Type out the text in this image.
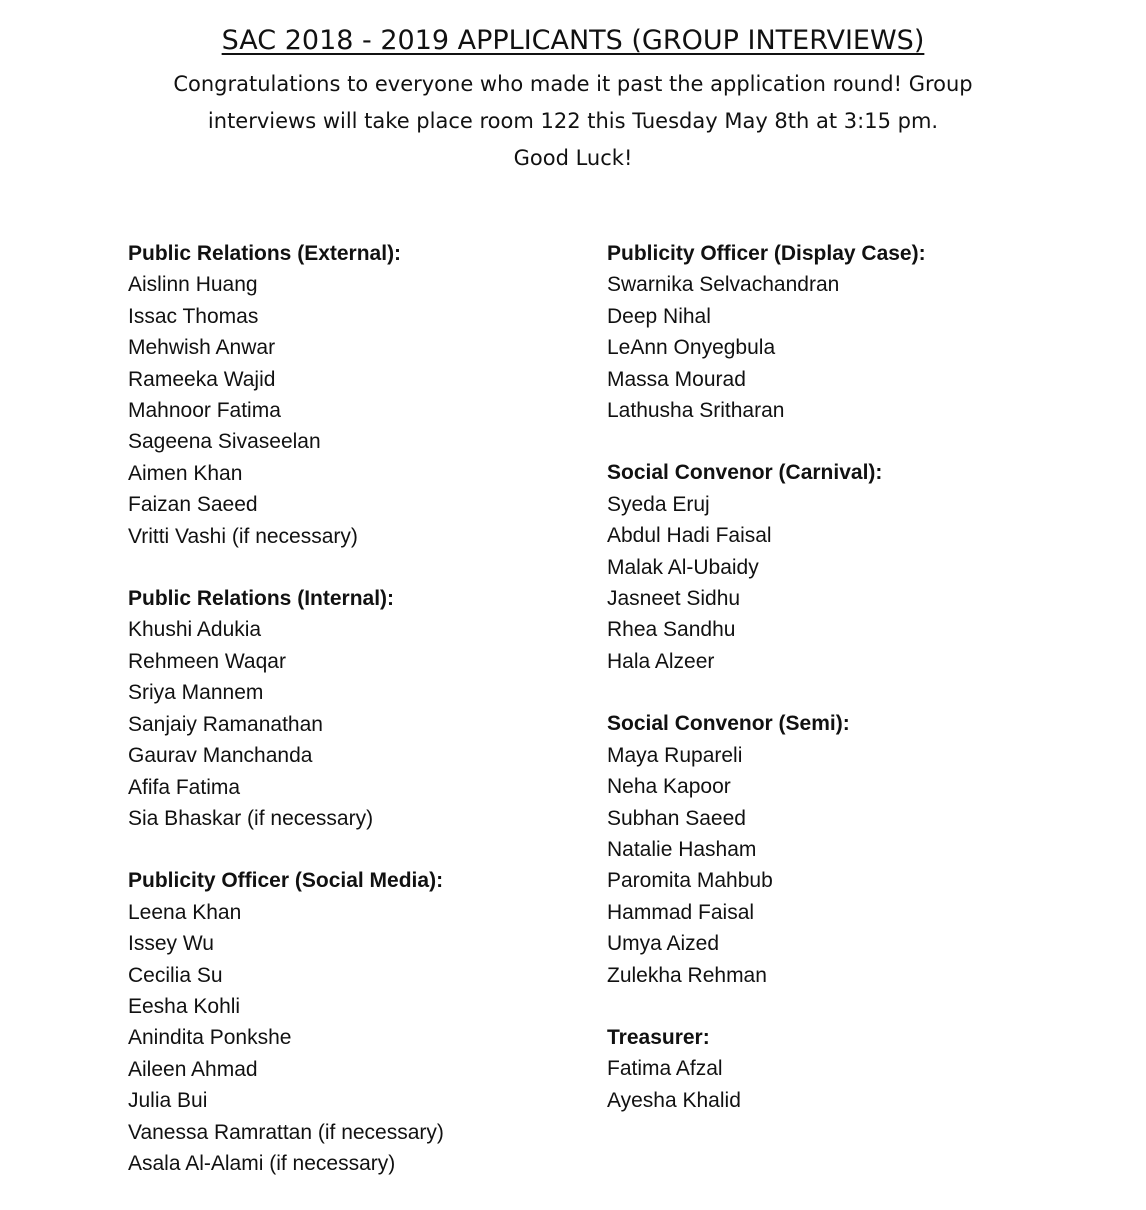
SAC 2018 - 2019 APPLICANTS (GROUP INTERVIEWS)

Congratulations to everyone who made it past the application round! Group
interviews will take place room 122 this Tuesday May 8th at 3:15 pm.
Good Luck!

Public Relations (External):

Aislinn Huang
Issac Thomas
Mehwish Anwar
Rameeka Wajid
Mahnoor Fatima
Sageena Sivaseelan
Aimen Khan
Faizan Saeed
Vritti Vashi (if necessary)

Public Relations (Internal):

Khushi Adukia
Rehmeen Waqar
Sriya Mannem
Sanjaiy Ramanathan
Gaurav Manchanda
Afifa Fatima
Sia Bhaskar (if necessary)

Publicity Officer (Social Media):

Leena Khan
Issey Wu
Cecilia Su
Eesha Kohli
Anindita Ponkshe
Aileen Ahmad
Julia Bui
Vanessa Ramrattan (if necessary)
Asala Al-Alami (if necessary)

Publicity Officer (Display Case):

Swarnika Selvachandran
Deep Nihal
LeAnn Onyegbula
Massa Mourad
Lathusha Sritharan

Social Convenor (Carnival):

Syeda Eruj
Abdul Hadi Faisal
Malak Al-Ubaidy
Jasneet Sidhu
Rhea Sandhu
Hala Alzeer

Social Convenor (Semi):

Maya Rupareli
Neha Kapoor
Subhan Saeed
Natalie Hasham
Paromita Mahbub
Hammad Faisal
Umya Aized
Zulekha Rehman

Treasurer:

Fatima Afzal
Ayesha Khalid
